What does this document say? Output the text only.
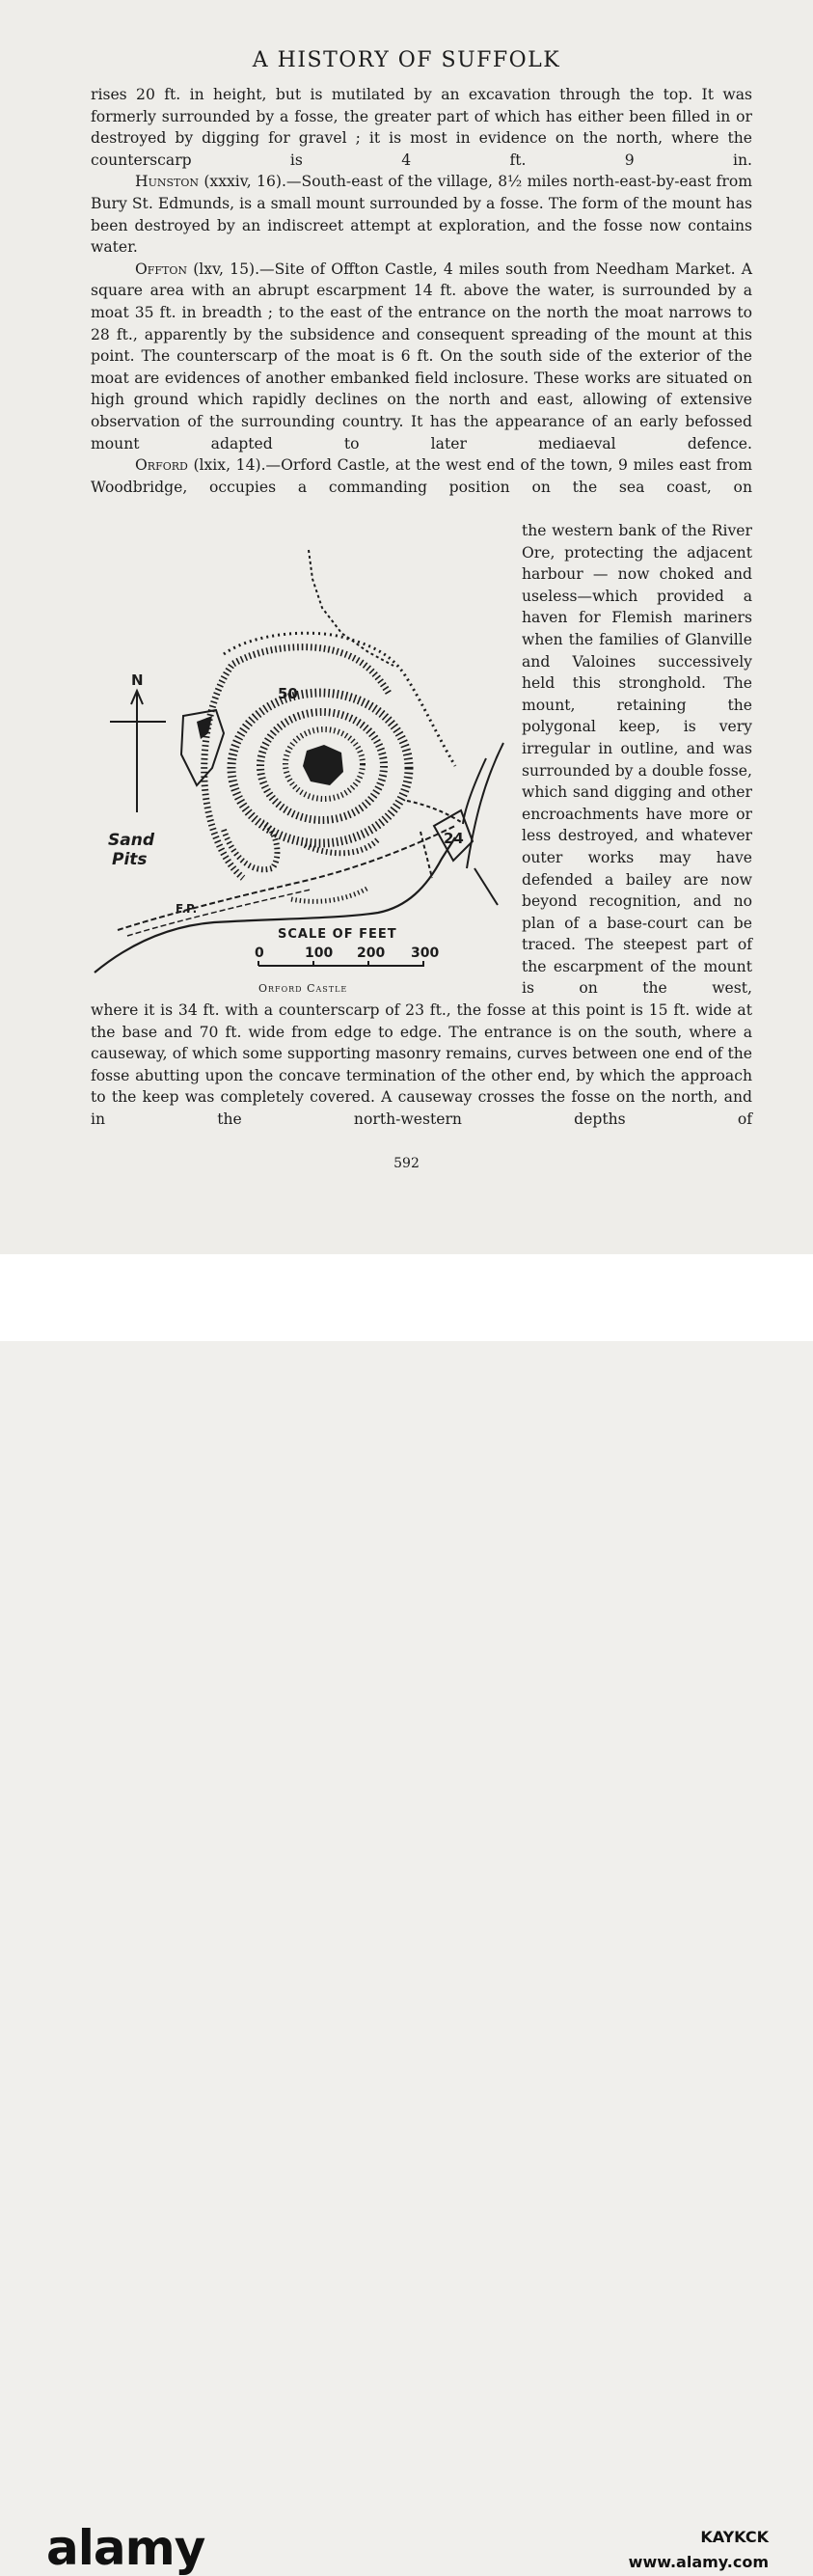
A HISTORY OF SUFFOLK

rises 20 ft. in height, but is mutilated by an excavation through the top. It was formerly surrounded by a fosse, the greater part of which has either been filled in or destroyed by digging for gravel ; it is most in evidence on the north, where the counterscarp is 4 ft. 9 in.

Hunston (xxxiv, 16).—South-east of the village, 8½ miles north-east-by-east from Bury St. Edmunds, is a small mount surrounded by a fosse. The form of the mount has been destroyed by an indiscreet attempt at exploration, and the fosse now contains water.

Offton (lxv, 15).—Site of Offton Castle, 4 miles south from Needham Market. A square area with an abrupt escarpment 14 ft. above the water, is surrounded by a moat 35 ft. in breadth ; to the east of the entrance on the north the moat narrows to 28 ft., apparently by the subsidence and consequent spreading of the mount at this point. The counterscarp of the moat is 6 ft. On the south side of the exterior of the moat are evidences of another embanked field inclosure. These works are situated on high ground which rapidly declines on the north and east, allowing of extensive observation of the surrounding country. It has the appearance of an early befossed mount adapted to later mediaeval defence.

Orford (lxix, 14).—Orford Castle, at the west end of the town, 9 miles east from Woodbridge, occupies a commanding position on the sea coast, on

N
Sand
Pits
50
24
F.P.
SCALE OF FEET
0	100 200 300
Orford Castle

the western bank of the River Ore, protecting the adjacent harbour — now choked and useless—which provided a haven for Flemish mariners when the families of Glanville and Valoines successively held this stronghold. The mount, retaining the polygonal keep, is very irregular in outline, and was surrounded by a double fosse, which sand digging and other encroachments have more or less destroyed, and whatever outer works may have defended a bailey are now beyond recognition, and no plan of a base-court can be traced. The steepest part of the escarpment of the mount is on the west,

where it is 34 ft. with a counterscarp of 23 ft., the fosse at this point is 15 ft. wide at the base and 70 ft. wide from edge to edge. The entrance is on the south, where a causeway, of which some supporting masonry remains, curves between one end of the fosse abutting upon the concave termination of the other end, by which the approach to the keep was completely covered. A causeway crosses the fosse on the north, and in the north-western depths of

592
alamy	KAYKCK
www.alamy.com
